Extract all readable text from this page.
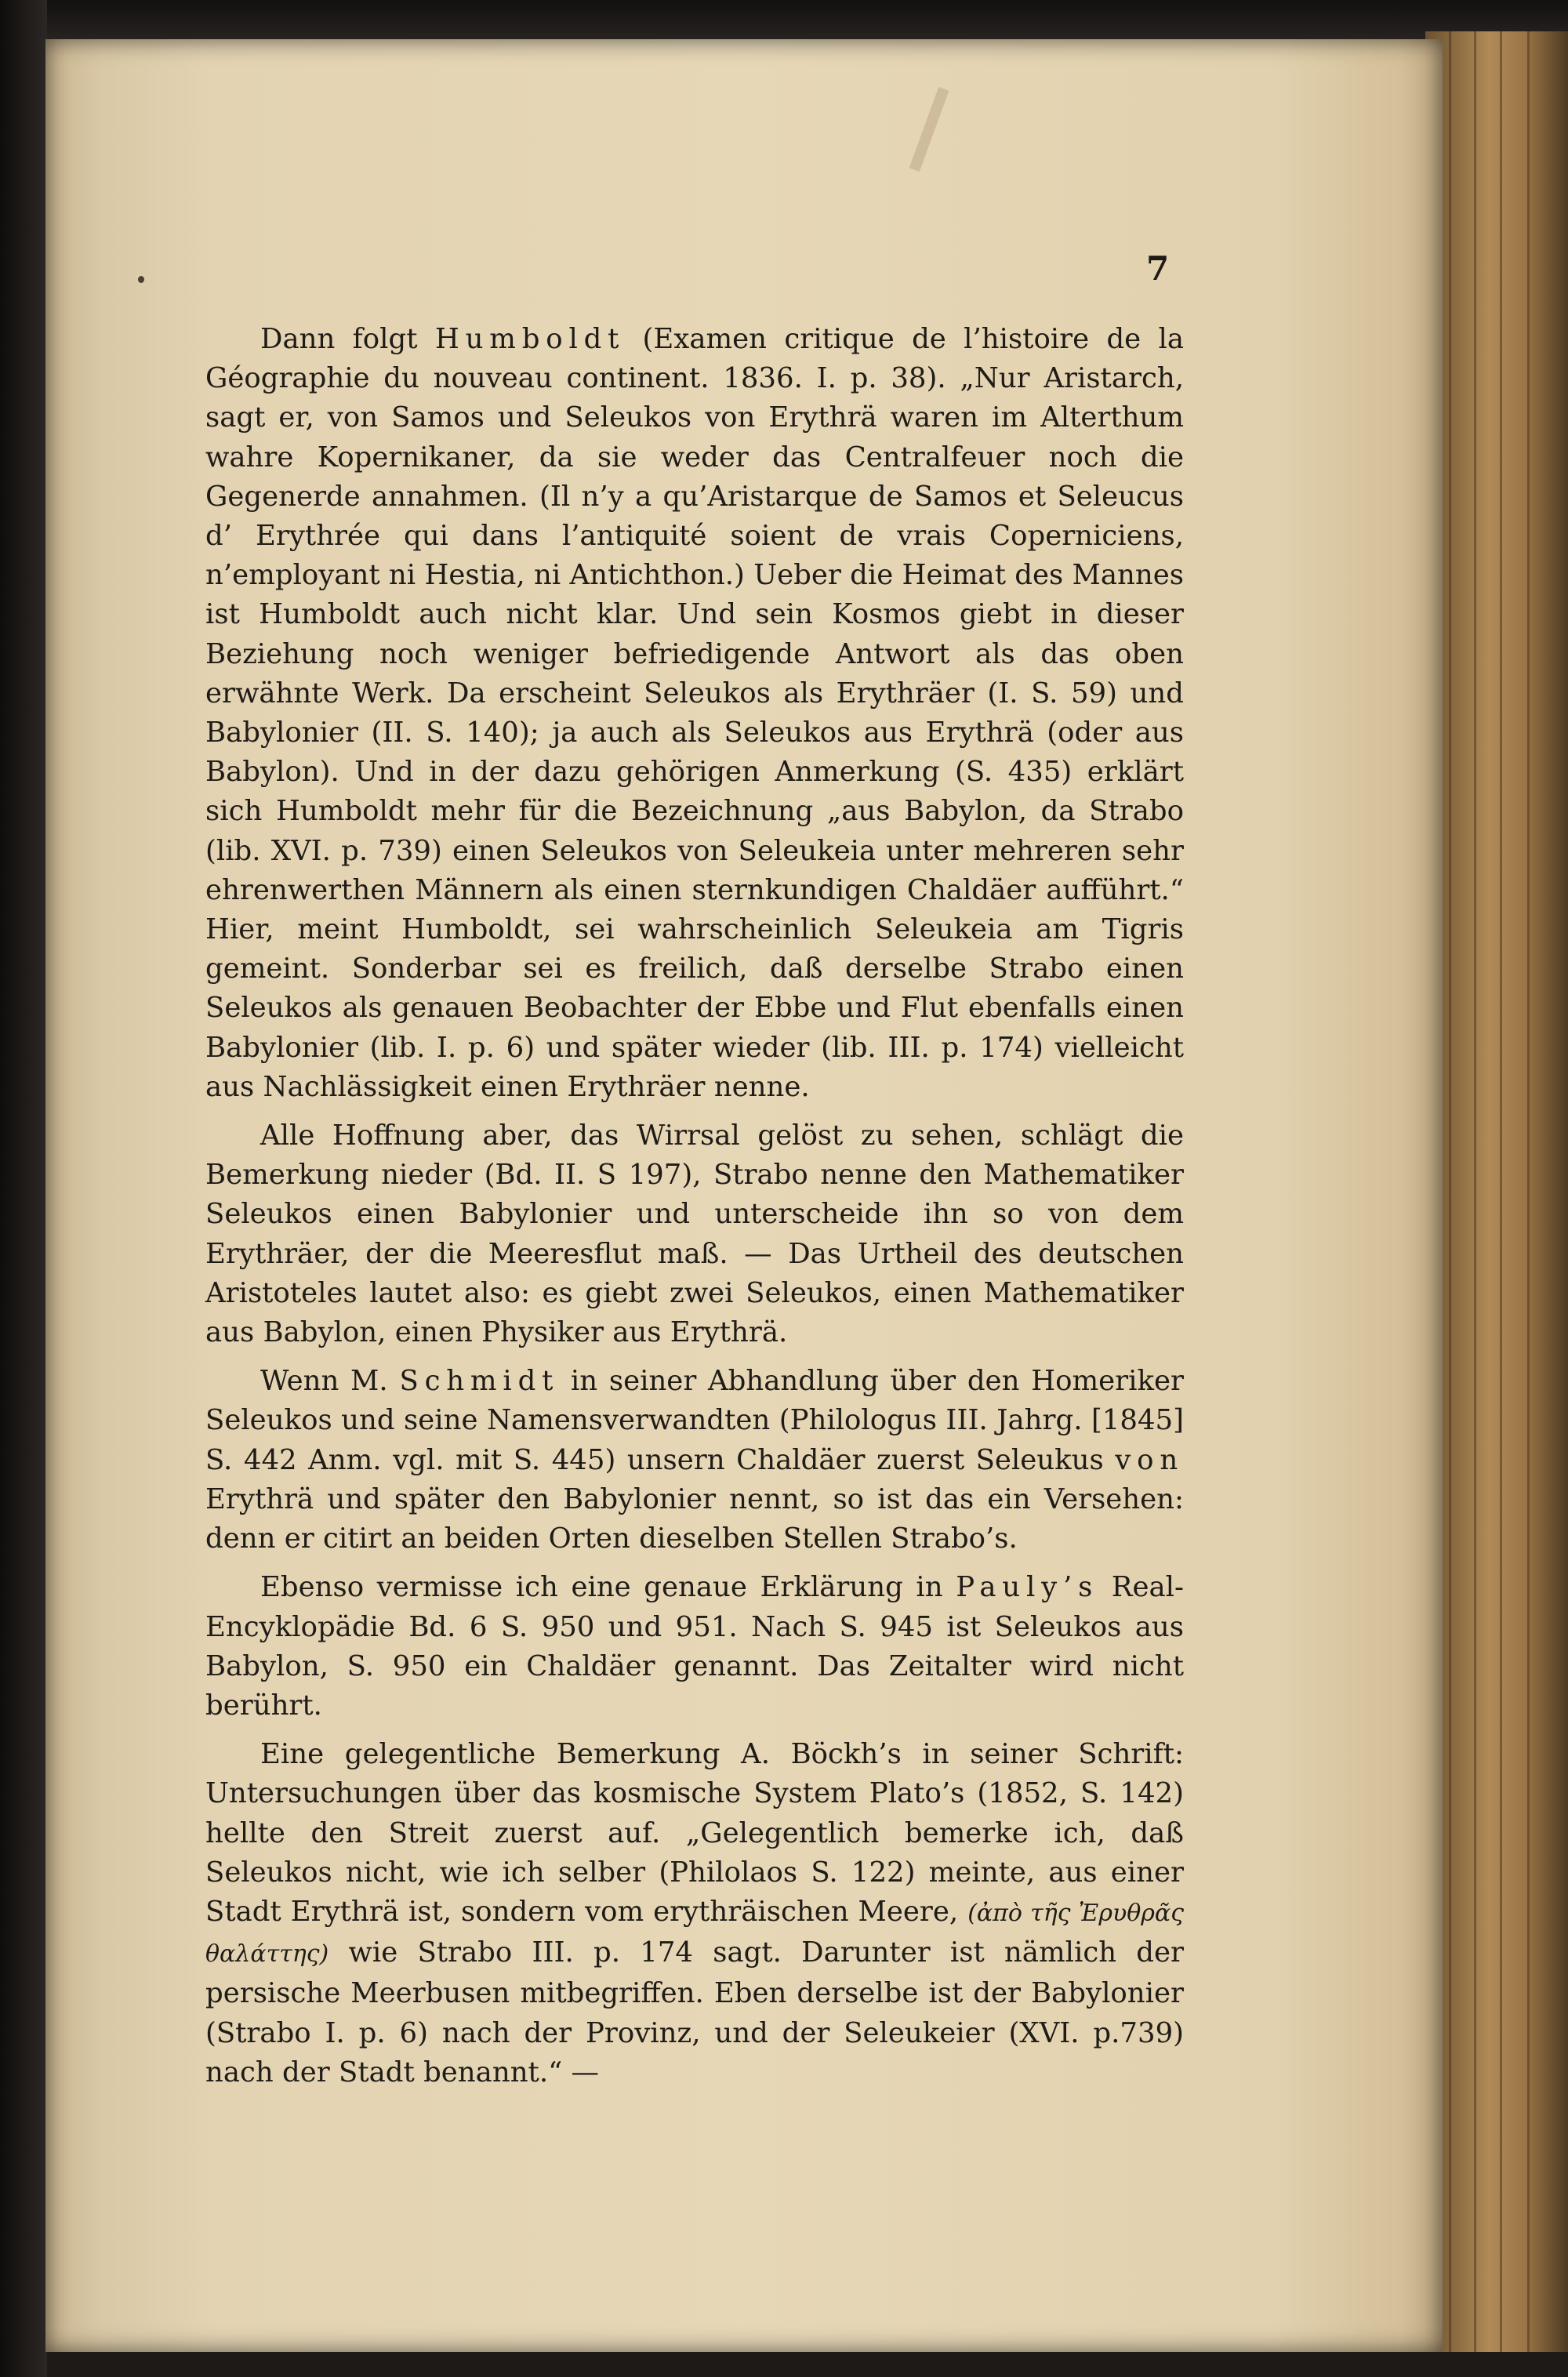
7

Dann folgt Humboldt (Examen critique de l’histoire de la Géographie du nouveau continent. 1836. I. p. 38). „Nur Aristarch, sagt er, von Samos und Seleukos von Erythrä waren im Alterthum wahre Kopernikaner, da sie weder das Centralfeuer noch die Gegenerde annahmen. (Il n’y a qu’Aristarque de Samos et Seleucus d’ Erythrée qui dans l’antiquité soient de vrais Coperniciens, n’employant ni Hestia, ni Antichthon.) Ueber die Heimat des Mannes ist Humboldt auch nicht klar. Und sein Kosmos giebt in dieser Beziehung noch weniger befriedigende Antwort als das oben erwähnte Werk. Da erscheint Seleukos als Erythräer (I. S. 59) und Babylonier (II. S. 140); ja auch als Seleukos aus Erythrä (oder aus Babylon). Und in der dazu gehörigen Anmerkung (S. 435) erklärt sich Humboldt mehr für die Bezeichnung „aus Babylon, da Strabo (lib. XVI. p. 739) einen Seleukos von Seleukeia unter mehreren sehr ehrenwerthen Männern als einen sternkundigen Chaldäer aufführt.“ Hier, meint Humboldt, sei wahrscheinlich Seleukeia am Tigris gemeint. Sonderbar sei es freilich, daß derselbe Strabo einen Seleukos als genauen Beobachter der Ebbe und Flut ebenfalls einen Babylonier (lib. I. p. 6) und später wieder (lib. III. p. 174) vielleicht aus Nachlässigkeit einen Erythräer nenne.

Alle Hoffnung aber, das Wirrsal gelöst zu sehen, schlägt die Bemerkung nieder (Bd. II. S 197), Strabo nenne den Mathematiker Seleukos einen Babylonier und unterscheide ihn so von dem Erythräer, der die Meeresflut maß. — Das Urtheil des deutschen Aristoteles lautet also: es giebt zwei Seleukos, einen Mathematiker aus Babylon, einen Physiker aus Erythrä.

Wenn M. Schmidt in seiner Abhandlung über den Homeriker Seleukos und seine Namensverwandten (Philologus III. Jahrg. [1845] S. 442 Anm. vgl. mit S. 445) unsern Chaldäer zuerst Seleukus von Erythrä und später den Babylonier nennt, so ist das ein Versehen: denn er citirt an beiden Orten dieselben Stellen Strabo’s.

Ebenso vermisse ich eine genaue Erklärung in Pauly’s Real-Encyklopädie Bd. 6 S. 950 und 951. Nach S. 945 ist Seleukos aus Babylon, S. 950 ein Chaldäer genannt. Das Zeitalter wird nicht berührt.

Eine gelegentliche Bemerkung A. Böckh’s in seiner Schrift: Untersuchungen über das kosmische System Plato’s (1852, S. 142) hellte den Streit zuerst auf. „Gelegentlich bemerke ich, daß Seleukos nicht, wie ich selber (Philolaos S. 122) meinte, aus einer Stadt Erythrä ist, sondern vom erythräischen Meere, (ἀπὸ τῆς Ἐρυθρᾶς θαλάττης) wie Strabo III. p. 174 sagt. Darunter ist nämlich der persische Meerbusen mitbegriffen. Eben derselbe ist der Babylonier (Strabo I. p. 6) nach der Provinz, und der Seleukeier (XVI. p.739) nach der Stadt benannt.“ —
